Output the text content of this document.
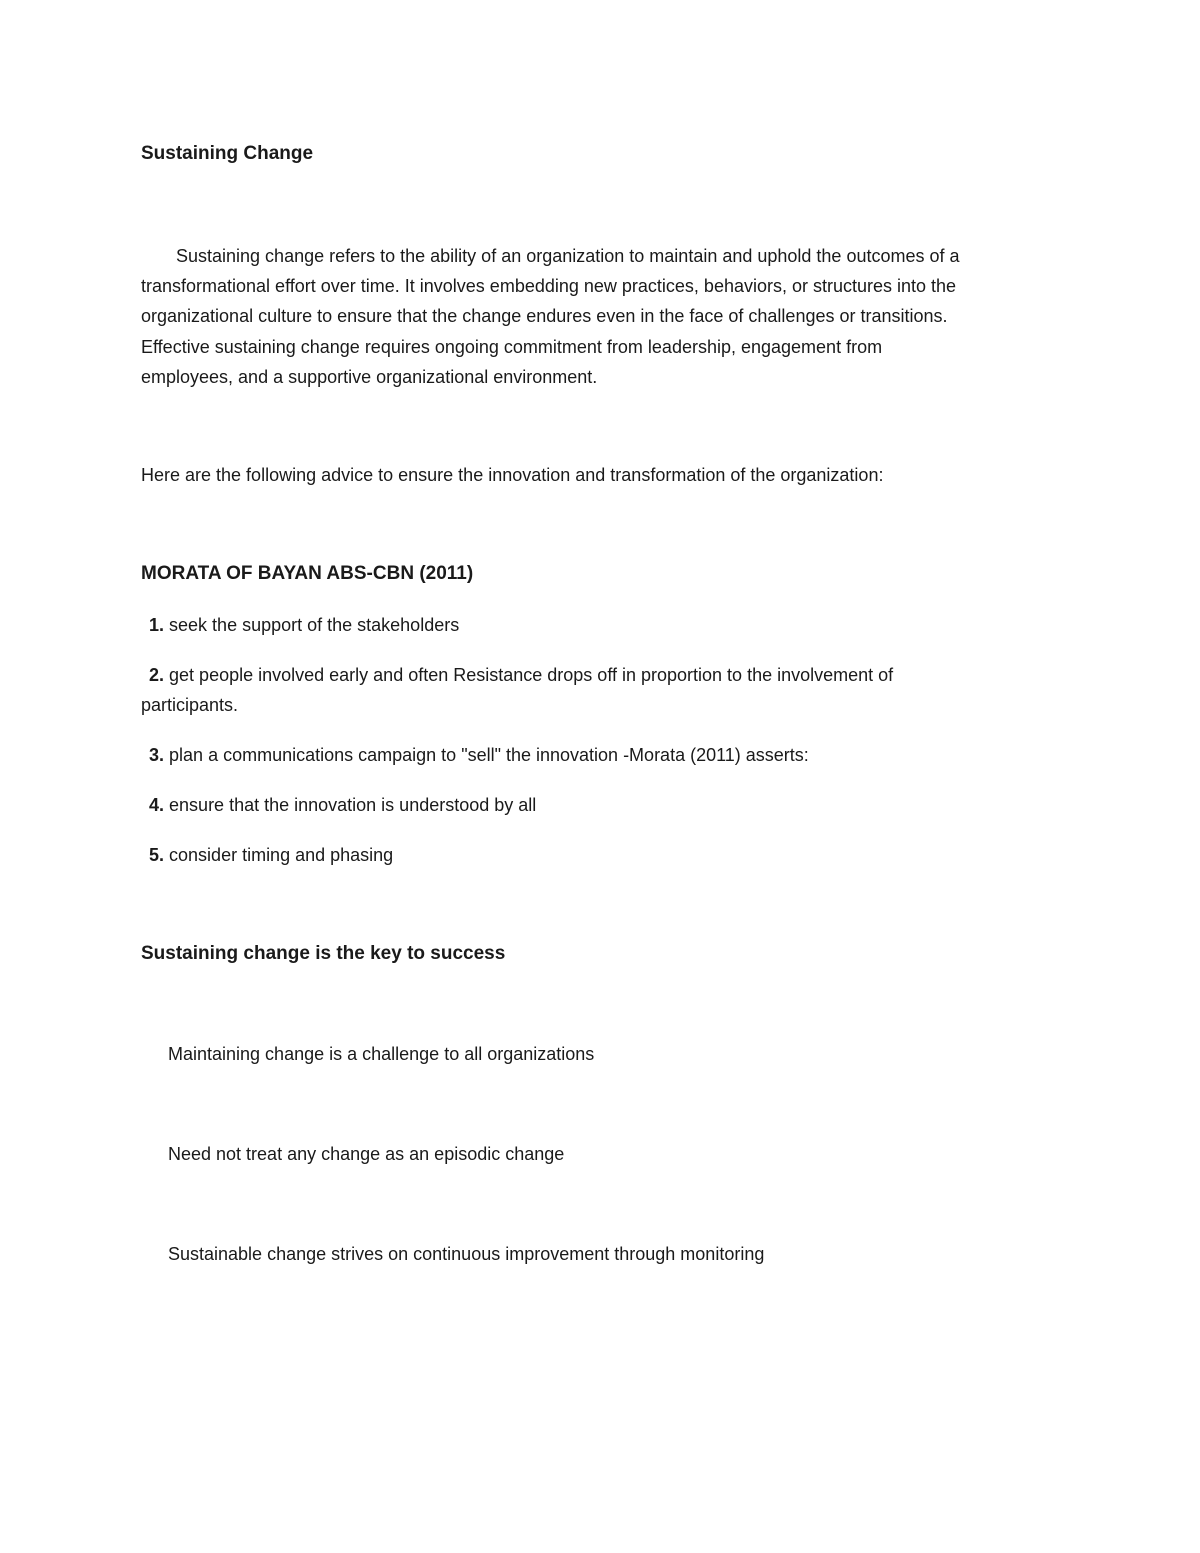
Sustaining Change
Sustaining change refers to the ability of an organization to maintain and uphold the outcomes of a
transformational effort over time. It involves embedding new practices, behaviors, or structures into the
organizational culture to ensure that the change endures even in the face of challenges or transitions.
Effective sustaining change requires ongoing commitment from leadership, engagement from
employees, and a supportive organizational environment.
Here are the following advice to ensure the innovation and transformation of the organization:
MORATA OF BAYAN ABS-CBN (2011)
1. seek the support of the stakeholders
2. get people involved early and often Resistance drops off in proportion to the involvement of
participants.
3. plan a communications campaign to "sell" the innovation -Morata (2011) asserts:
4. ensure that the innovation is understood by all
5. consider timing and phasing
Sustaining change is the key to success
Maintaining change is a challenge to all organizations
Need not treat any change as an episodic change
Sustainable change strives on continuous improvement through monitoring
